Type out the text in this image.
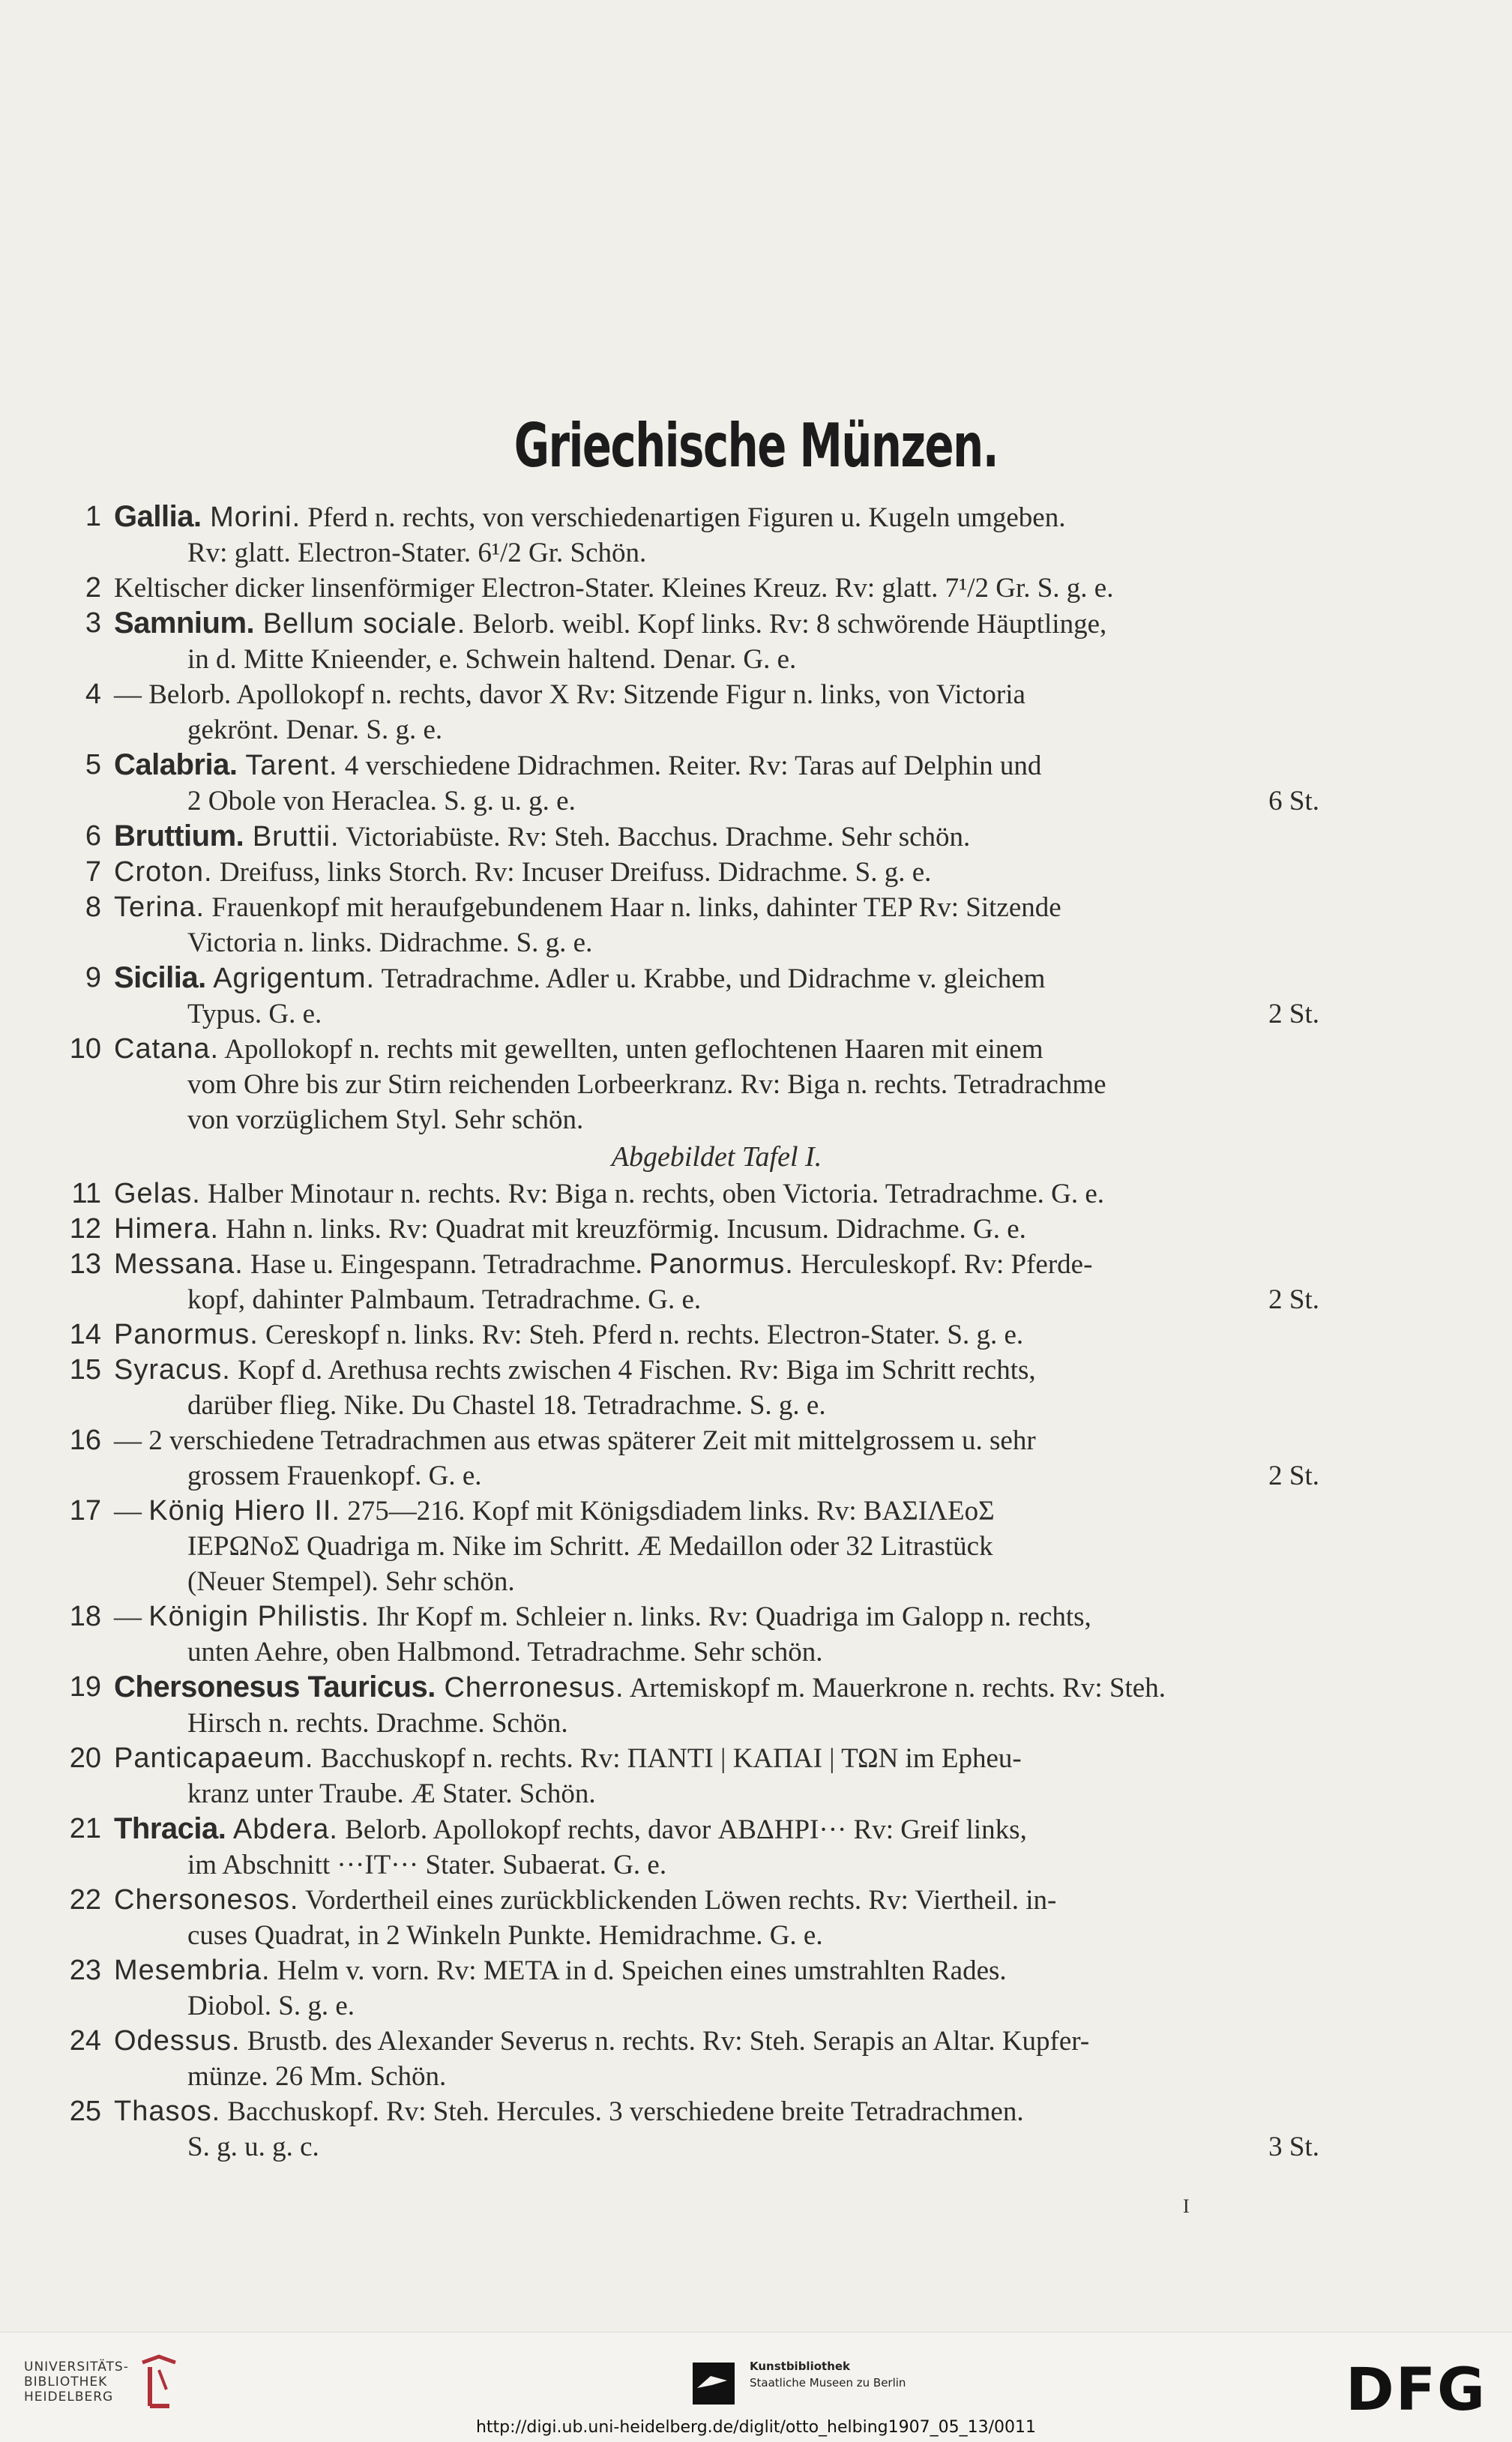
Griechische Münzen.
1 Gallia. Morini. Pferd n. rechts, von verschiedenartigen Figuren u. Kugeln umgeben.
Rv: glatt. Electron-Stater. 6¹/2 Gr. Schön.
2 Keltischer dicker linsenförmiger Electron-Stater. Kleines Kreuz. Rv: glatt. 7¹/2 Gr. S. g. e.
3 Samnium. Bellum sociale. Belorb. weibl. Kopf links. Rv: 8 schwörende Häuptlinge,
in d. Mitte Knieender, e. Schwein haltend. Denar. G. e.
4 — Belorb. Apollokopf n. rechts, davor X Rv: Sitzende Figur n. links, von Victoria
gekrönt. Denar. S. g. e.
5 Calabria. Tarent. 4 verschiedene Didrachmen. Reiter. Rv: Taras auf Delphin und
2 Obole von Heraclea. S. g. u. g. e.	6 St.
6 Bruttium. Bruttii. Victoriabüste. Rv: Steh. Bacchus. Drachme. Sehr schön.
7 Croton. Dreifuss, links Storch. Rv: Incuser Dreifuss. Didrachme. S. g. e.
8 Terina. Frauenkopf mit heraufgebundenem Haar n. links, dahinter TEP Rv: Sitzende
Victoria n. links. Didrachme. S. g. e.
9 Sicilia. Agrigentum. Tetradrachme. Adler u. Krabbe, und Didrachme v. gleichem
Typus. G. e.	2 St.
10 Catana. Apollokopf n. rechts mit gewellten, unten geflochtenen Haaren mit einem
vom Ohre bis zur Stirn reichenden Lorbeerkranz. Rv: Biga n. rechts. Tetradrachme
von vorzüglichem Styl. Sehr schön.
Abgebildet Tafel I.
11 Gelas. Halber Minotaur n. rechts. Rv: Biga n. rechts, oben Victoria. Tetradrachme. G. e.
12 Himera. Hahn n. links. Rv: Quadrat mit kreuzförmig. Incusum. Didrachme. G. e.
13 Messana. Hase u. Eingespann. Tetradrachme. Panormus. Herculeskopf. Rv: Pferde-
kopf, dahinter Palmbaum. Tetradrachme. G. e.	2 St.
14 Panormus. Cereskopf n. links. Rv: Steh. Pferd n. rechts. Electron-Stater. S. g. e.
15 Syracus. Kopf d. Arethusa rechts zwischen 4 Fischen. Rv: Biga im Schritt rechts,
darüber flieg. Nike. Du Chastel 18. Tetradrachme. S. g. e.
16 — 2 verschiedene Tetradrachmen aus etwas späterer Zeit mit mittelgrossem u. sehr
grossem Frauenkopf. G. e.	2 St.
17 — König Hiero II. 275—216. Kopf mit Königsdiadem links. Rv: ΒΑΣΙΛΕοΣ
ΙΕΡΩΝοΣ Quadriga m. Nike im Schritt. Æ Medaillon oder 32 Litrastück
(Neuer Stempel). Sehr schön.
18 — Königin Philistis. Ihr Kopf m. Schleier n. links. Rv: Quadriga im Galopp n. rechts,
unten Aehre, oben Halbmond. Tetradrachme. Sehr schön.
19 Chersonesus Tauricus. Cherronesus. Artemiskopf m. Mauerkrone n. rechts. Rv: Steh.
Hirsch n. rechts. Drachme. Schön.
20 Panticapaeum. Bacchuskopf n. rechts. Rv: ΠΑΝΤΙ | ΚΑΠΑΙ | ΤΩΝ im Epheu-
kranz unter Traube. Æ Stater. Schön.
21 Thracia. Abdera. Belorb. Apollokopf rechts, davor ΑΒΔΗΡΙ··· Rv: Greif links,
im Abschnitt ···ΙΤ··· Stater. Subaerat. G. e.
22 Chersonesos. Vordertheil eines zurückblickenden Löwen rechts. Rv: Viertheil. in-
cuses Quadrat, in 2 Winkeln Punkte. Hemidrachme. G. e.
23 Mesembria. Helm v. vorn. Rv: META in d. Speichen eines umstrahlten Rades.
Diobol. S. g. e.
24 Odessus. Brustb. des Alexander Severus n. rechts. Rv: Steh. Serapis an Altar. Kupfer-
münze. 26 Mm. Schön.
25 Thasos. Bacchuskopf. Rv: Steh. Hercules. 3 verschiedene breite Tetradrachmen.
S. g. u. g. c.	3 St.
I
UNIVERSITÄTS-
BIBLIOTHEK
HEIDELBERG
Kunstbibliothek
Staatliche Museen zu Berlin	DFG
http://digi.ub.uni-heidelberg.de/diglit/otto_helbing1907_05_13/0011
